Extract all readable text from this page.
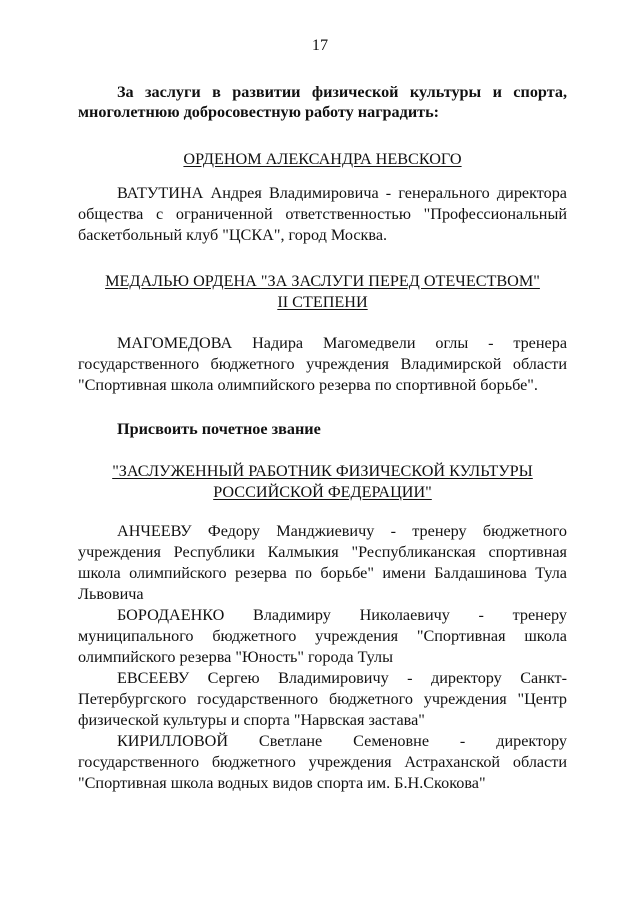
17

За заслуги в развитии физической культуры и спорта,

многолетнюю добросовестную работу наградить:

ОРДЕНОМ АЛЕКСАНДРА НЕВСКОГО

ВАТУТИНА Андрея Владимировича - генерального директора

общества с ограниченной ответственностью "Профессиональный

баскетбольный клуб "ЦСКА", город Москва.

МЕДАЛЬЮ ОРДЕНА "ЗА ЗАСЛУГИ ПЕРЕД ОТЕЧЕСТВОМ"

II СТЕПЕНИ

МАГОМЕДОВА Надира Магомедвели оглы - тренера

государственного бюджетного учреждения Владимирской области

"Спортивная школа олимпийского резерва по спортивной борьбе".

Присвоить почетное звание

"ЗАСЛУЖЕННЫЙ РАБОТНИК ФИЗИЧЕСКОЙ КУЛЬТУРЫ

РОССИЙСКОЙ ФЕДЕРАЦИИ"

АНЧЕЕВУ Федору Манджиевичу - тренеру бюджетного

учреждения Республики Калмыкия "Республиканская спортивная

школа олимпийского резерва по борьбе" имени Балдашинова Тула

Львовича

БОРОДАЕНКО Владимиру Николаевичу - тренеру

муниципального бюджетного учреждения "Спортивная школа

олимпийского резерва "Юность" города Тулы

ЕВСЕЕВУ Сергею Владимировичу - директору Санкт-

Петербургского государственного бюджетного учреждения "Центр

физической культуры и спорта "Нарвская застава"

КИРИЛЛОВОЙ Светлане Семеновне - директору

государственного бюджетного учреждения Астраханской области

"Спортивная школа водных видов спорта им. Б.Н.Скокова"
